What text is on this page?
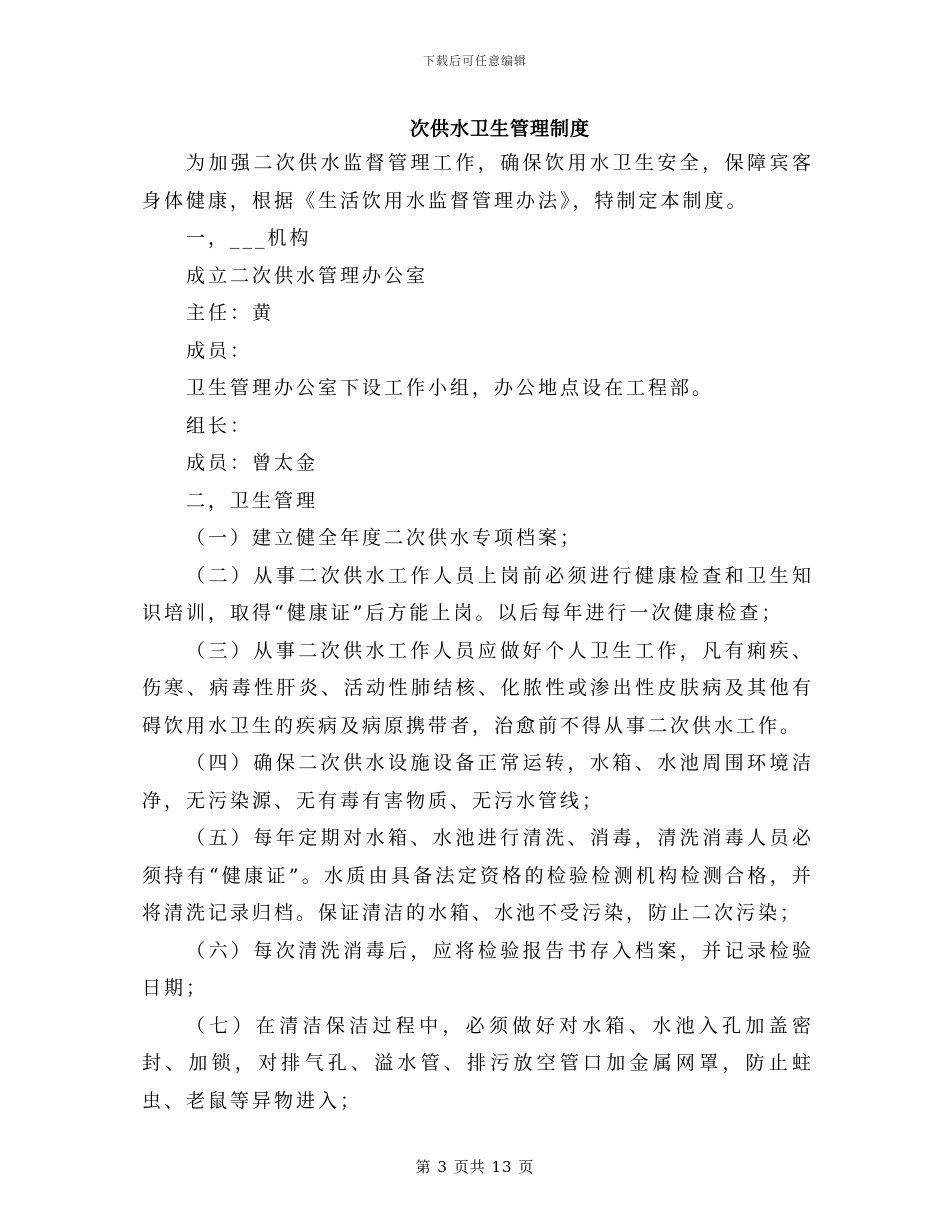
下载后可任意编辑
次供水卫生管理制度

为加强二次供水监督管理工作，确保饮用水卫生安全，保障宾客身体健康，根据《生活饮用水监督管理办法》，特制定本制度。

一，___机构

成立二次供水管理办公室

主任：黄

成员：

卫生管理办公室下设工作小组，办公地点设在工程部。

组长：

成员：曾太金

二，卫生管理

（一）建立健全年度二次供水专项档案；

（二）从事二次供水工作人员上岗前必须进行健康检查和卫生知识培训，取得“健康证”后方能上岗。以后每年进行一次健康检查；

（三）从事二次供水工作人员应做好个人卫生工作，凡有痢疾、伤寒、病毒性肝炎、活动性肺结核、化脓性或渗出性皮肤病及其他有碍饮用水卫生的疾病及病原携带者，治愈前不得从事二次供水工作。

（四）确保二次供水设施设备正常运转，水箱、水池周围环境洁净，无污染源、无有毒有害物质、无污水管线；

（五）每年定期对水箱、水池进行清洗、消毒，清洗消毒人员必须持有“健康证”。水质由具备法定资格的检验检测机构检测合格，并将清洗记录归档。保证清洁的水箱、水池不受污染，防止二次污染；

（六）每次清洗消毒后，应将检验报告书存入档案，并记录检验日期；

（七）在清洁保洁过程中，必须做好对水箱、水池入孔加盖密封、加锁，对排气孔、溢水管、排污放空管口加金属网罩，防止蛀虫、老鼠等异物进入；

第 3 页共 13 页
